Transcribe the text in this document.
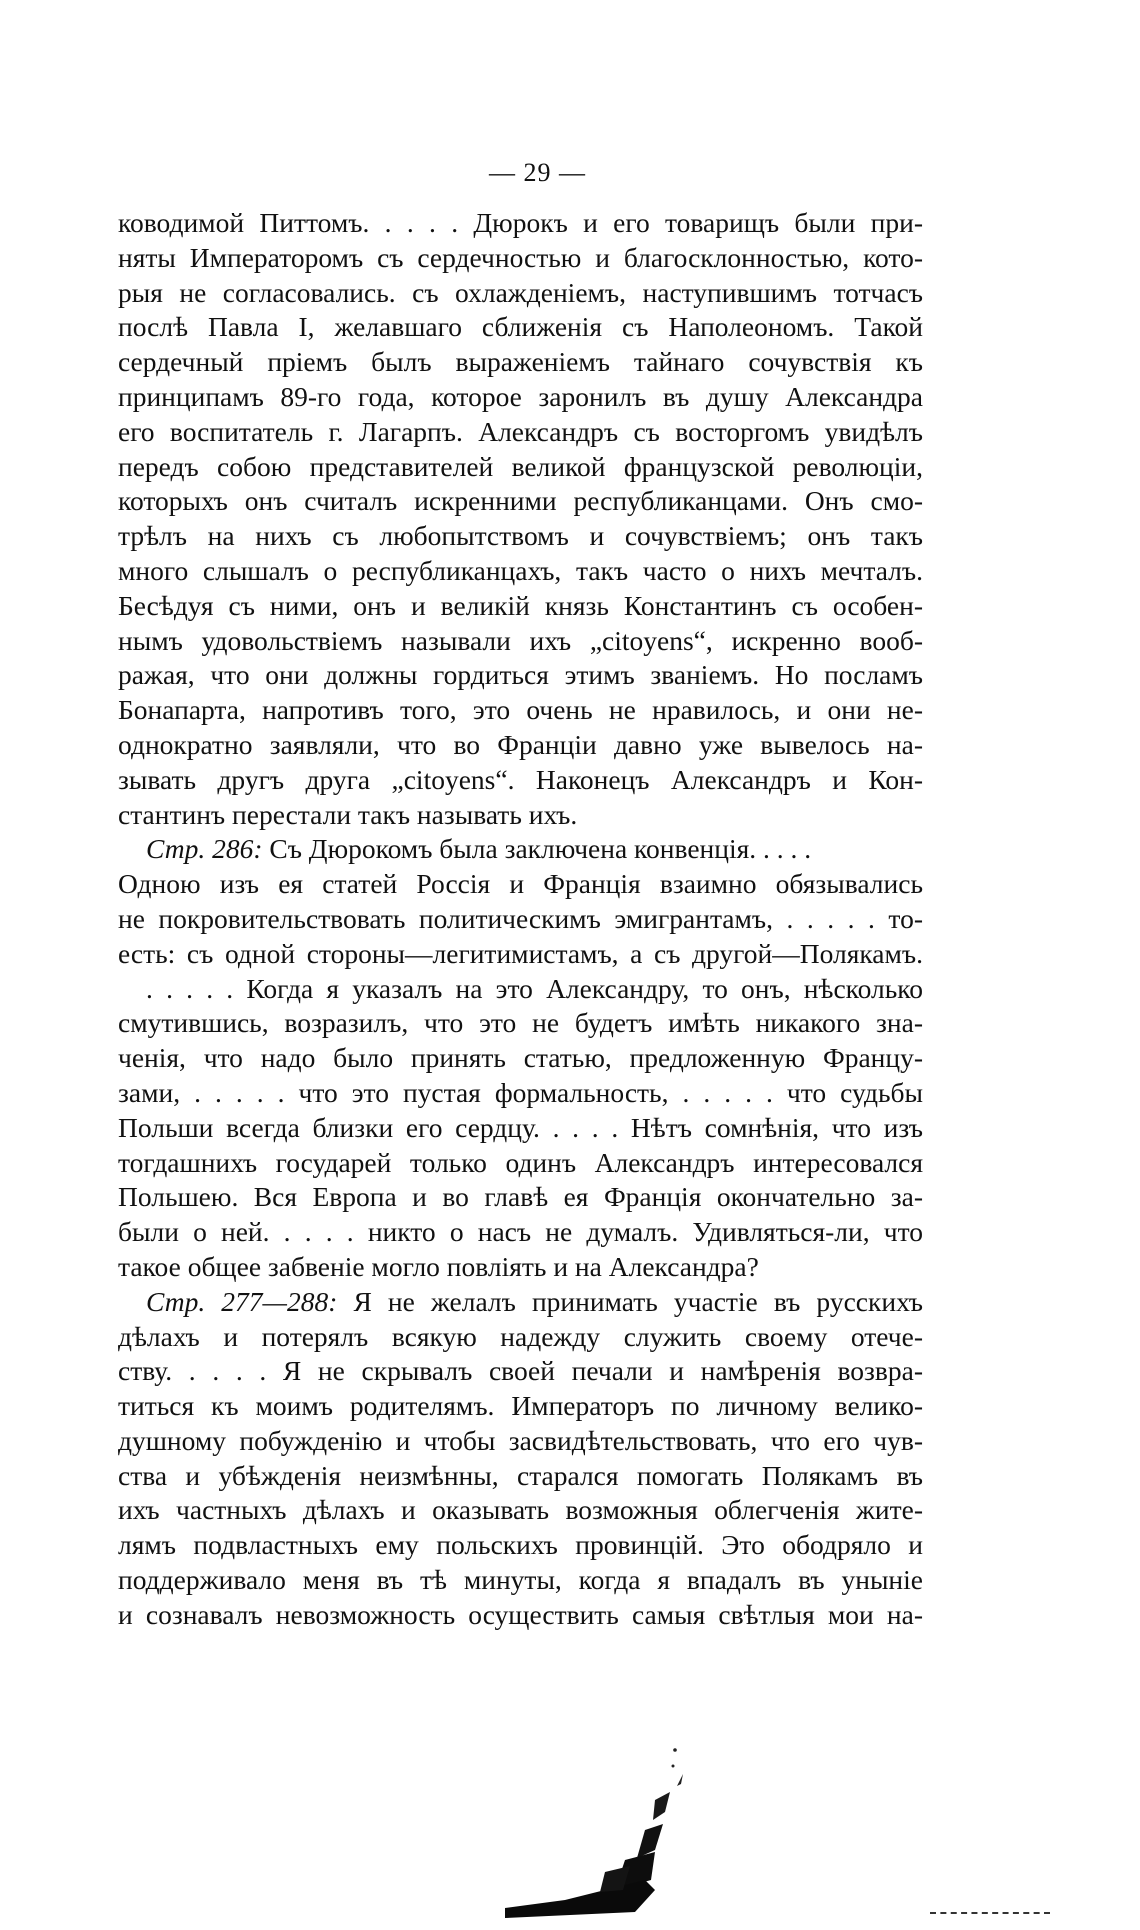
— 29 —
ководимой Питтомъ. . . . . Дюрокъ и его товарищъ были при-
няты Императоромъ съ сердечностью и благосклонностью, кото-
рыя не согласовались. съ охлажденіемъ, наступившимъ тотчасъ
послѣ Павла I, желавшаго сближенія съ Наполеономъ. Такой
сердечный пріемъ былъ выраженіемъ тайнаго сочувствія къ
принципамъ 89-го года, которое заронилъ въ душу Александра
его воспитатель г. Лагарпъ. Александръ съ восторгомъ увидѣлъ
передъ собою представителей великой французской революціи,
которыхъ онъ считалъ искренними республиканцами. Онъ смо-
трѣлъ на нихъ съ любопытствомъ и сочувствіемъ; онъ такъ
много слышалъ о республиканцахъ, такъ часто о нихъ мечталъ.
Бесѣдуя съ ними, онъ и великій князь Константинъ съ особен-
нымъ удовольствіемъ называли ихъ „citoyens“, искренно вооб-
ражая, что они должны гордиться этимъ званіемъ. Но посламъ
Бонапарта, напротивъ того, это очень не нравилось, и они не-
однократно заявляли, что во Франціи давно уже вывелось на-
зывать другъ друга „citoyens“. Наконецъ Александръ и Кон-
стантинъ перестали такъ называть ихъ.
Стр. 286: Съ Дюрокомъ была заключена конвенція. . . . .
Одною изъ ея статей Россія и Франція взаимно обязывались
не покровительствовать политическимъ эмигрантамъ, . . . . . то-
есть: съ одной стороны—легитимистамъ, а съ другой—Полякамъ.
. . . . . Когда я указалъ на это Александру, то онъ, нѣсколько
смутившись, возразилъ, что это не будетъ имѣть никакого зна-
ченія, что надо было принять статью, предложенную Францу-
зами, . . . . . что это пустая формальность, . . . . . что судьбы
Польши всегда близки его сердцу. . . . . Нѣтъ сомнѣнія, что изъ
тогдашнихъ государей только одинъ Александръ интересовался
Польшею. Вся Европа и во главѣ ея Франція окончательно за-
были о ней. . . . . никто о насъ не думалъ. Удивляться-ли, что
такое общее забвеніе могло повліять и на Александра?
Стр. 277—288: Я не желалъ принимать участіе въ русскихъ
дѣлахъ и потерялъ всякую надежду служить своему отече-
ству. . . . . Я не скрывалъ своей печали и намѣренія возвра-
титься къ моимъ родителямъ. Императоръ по личному велико-
душному побужденію и чтобы засвидѣтельствовать, что его чув-
ства и убѣжденія неизмѣнны, старался помогать Полякамъ въ
ихъ частныхъ дѣлахъ и оказывать возможныя облегченія жите-
лямъ подвластныхъ ему польскихъ провинцій. Это ободряло и
поддерживало меня въ тѣ минуты, когда я впадалъ въ уныніе
и сознавалъ невозможность осуществить самыя свѣтлыя мои на-
